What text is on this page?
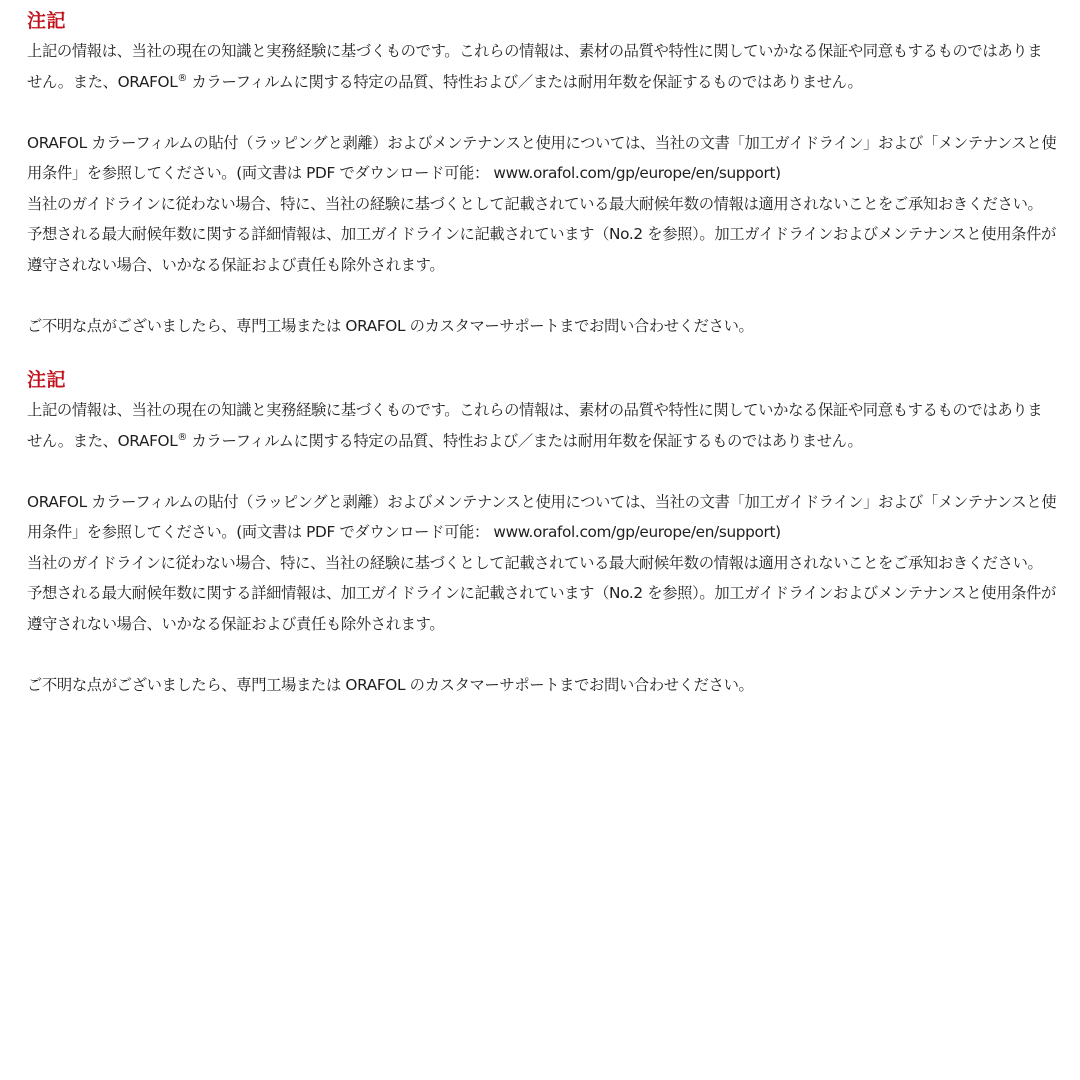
注記

上記の情報は、当社の現在の知識と実務経験に基づくものです。これらの情報は、素材の品質や特性に関していかなる保証や同意もするものではありません。また、ORAFOL® カラーフィルムに関する特定の品質、特性および／または耐用年数を保証するものではありません。

ORAFOL カラーフィルムの貼付（ラッピングと剥離）およびメンテナンスと使用については、当社の文書「加工ガイドライン」および「メンテナンスと使用条件」を参照してください。(両文書は PDF でダウンロード可能： www.orafol.com/gp/europe/en/support)

当社のガイドラインに従わない場合、特に、当社の経験に基づくとして記載されている最大耐候年数の情報は適用されないことをご承知おきください。予想される最大耐候年数に関する詳細情報は、加工ガイドラインに記載されています（No.2 を参照）。加工ガイドラインおよびメンテナンスと使用条件が遵守されない場合、いかなる保証および責任も除外されます。

ご不明な点がございましたら、専門工場または ORAFOL のカスタマーサポートまでお問い合わせください。

注記

上記の情報は、当社の現在の知識と実務経験に基づくものです。これらの情報は、素材の品質や特性に関していかなる保証や同意もするものではありません。また、ORAFOL® カラーフィルムに関する特定の品質、特性および／または耐用年数を保証するものではありません。

ORAFOL カラーフィルムの貼付（ラッピングと剥離）およびメンテナンスと使用については、当社の文書「加工ガイドライン」および「メンテナンスと使用条件」を参照してください。(両文書は PDF でダウンロード可能： www.orafol.com/gp/europe/en/support)

当社のガイドラインに従わない場合、特に、当社の経験に基づくとして記載されている最大耐候年数の情報は適用されないことをご承知おきください。予想される最大耐候年数に関する詳細情報は、加工ガイドラインに記載されています（No.2 を参照）。加工ガイドラインおよびメンテナンスと使用条件が遵守されない場合、いかなる保証および責任も除外されます。

ご不明な点がございましたら、専門工場または ORAFOL のカスタマーサポートまでお問い合わせください。
